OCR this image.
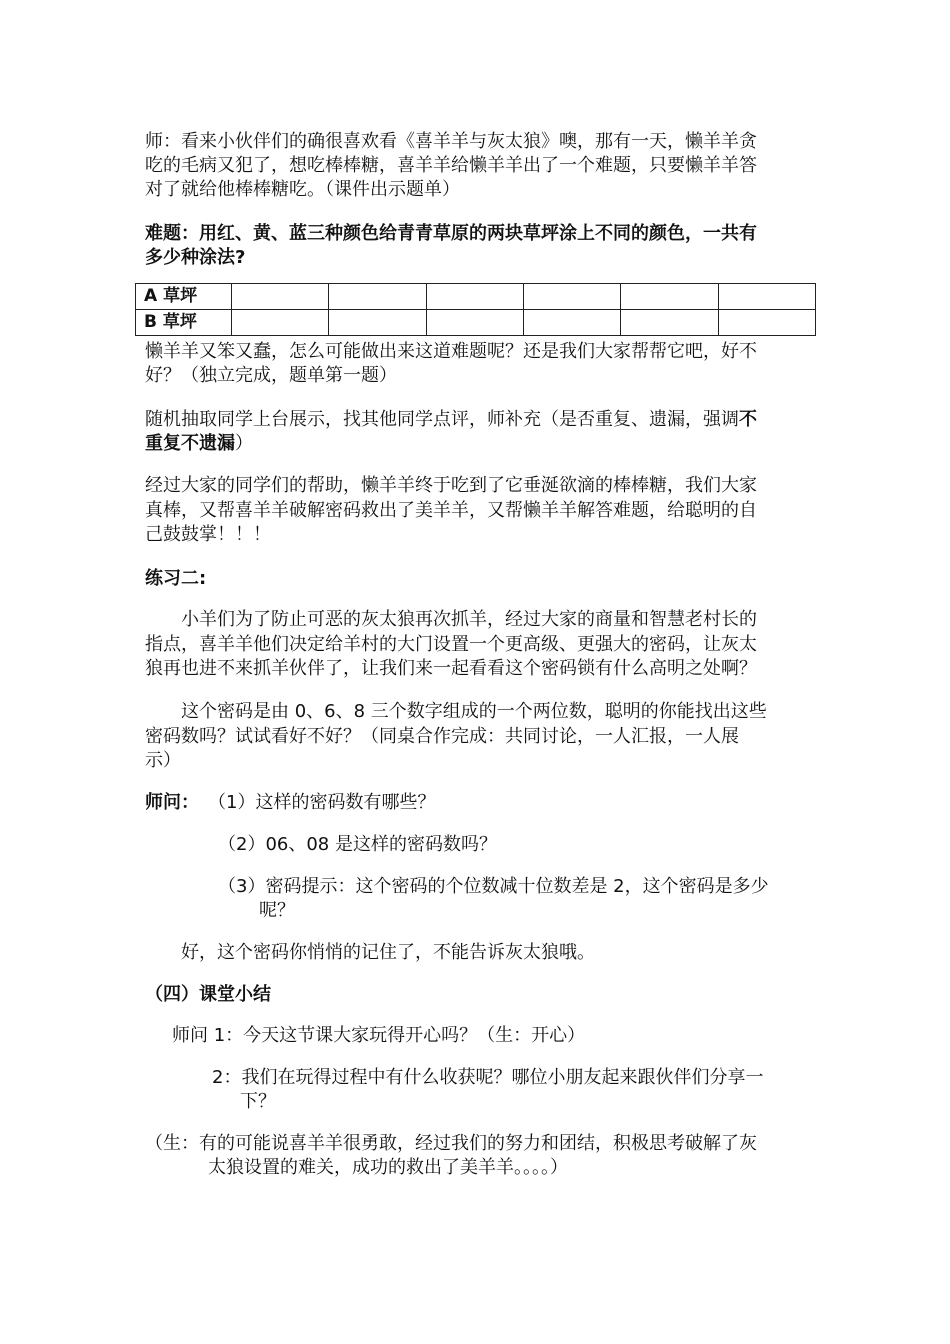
师：看来小伙伴们的确很喜欢看《喜羊羊与灰太狼》噢，那有一天，懒羊羊贪

吃的毛病又犯了，想吃棒棒糖，喜羊羊给懒羊羊出了一个难题，只要懒羊羊答

对了就给他棒棒糖吃。（课件出示题单）

难题：用红、黄、蓝三种颜色给青青草原的两块草坪涂上不同的颜色，一共有

多少种涂法?

A 草坪						
B 草坪						

懒羊羊又笨又蠢，怎么可能做出来这道难题呢？还是我们大家帮帮它吧，好不

好？（独立完成，题单第一题）

随机抽取同学上台展示，找其他同学点评，师补充（是否重复、遗漏，强调不

重复不遗漏）

经过大家的同学们的帮助，懒羊羊终于吃到了它垂涎欲滴的棒棒糖，我们大家

真棒，又帮喜羊羊破解密码救出了美羊羊，又帮懒羊羊解答难题，给聪明的自

己鼓鼓掌！！！

练习二:

小羊们为了防止可恶的灰太狼再次抓羊，经过大家的商量和智慧老村长的

指点，喜羊羊他们决定给羊村的大门设置一个更高级、更强大的密码，让灰太

狼再也进不来抓羊伙伴了，让我们来一起看看这个密码锁有什么高明之处啊？

这个密码是由 0、6、8 三个数字组成的一个两位数，聪明的你能找出这些

密码数吗？试试看好不好？（同桌合作完成：共同讨论，一人汇报，一人展

示）

师问： （1）这样的密码数有哪些？

（2）06、08 是这样的密码数吗？

（3）密码提示：这个密码的个位数减十位数差是 2，这个密码是多少

呢？

好，这个密码你悄悄的记住了，不能告诉灰太狼哦。

（四）课堂小结

师问 1：今天这节课大家玩得开心吗？（生：开心）

2：我们在玩得过程中有什么收获呢？哪位小朋友起来跟伙伴们分享一

下？

（生：有的可能说喜羊羊很勇敢，经过我们的努力和团结，积极思考破解了灰

太狼设置的难关，成功的救出了美羊羊。。。。）
